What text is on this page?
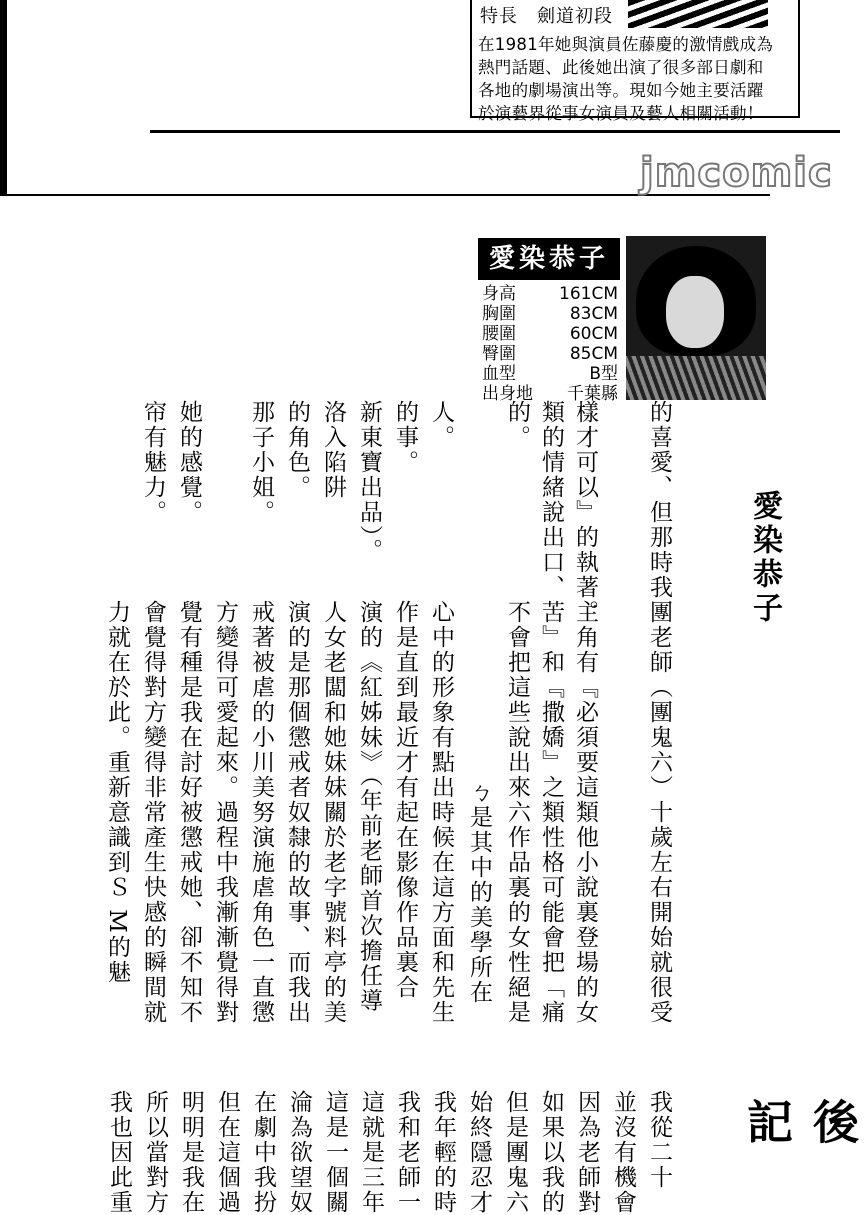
特長　劍道初段
在1981年她與演員佐藤慶的激情戲成為
熱門話題、此後她出演了很多部日劇和
各地的劇場演出等。現如今她主要活躍
於演藝界從事女演員及藝人相關活動！
jmcomic
愛染恭子
身高	161CM
胸圍	83CM
腰圍	60CM
臀圍	85CM
血型	B型
出身地 千葉縣
愛染恭子
的喜愛、但那時我
樣才可以』的執著。
類的情緒說出口、
的。
人。
的事。
新東寶出品）。
洛入陷阱
的角色。
那子小姐。
她的感覺。
帘有魅力。
團老師（團鬼六）十歲左右開始就很受
主角有『必須要這類他小說裏登場的女
苦』和『撒嬌』之類性格可能會把「痛
不會把這些說出來六作品裏的女性絕是
ㄅ是其中的美學所在
心中的形象有點出時候在這方面和先生
作是直到最近才有起在影像作品裏合
演的《紅姊妹》（年前老師首次擔任導
人女老闆和她妹妹關於老字號料亭的美
演的是那個懲戒者奴隸的故事、而我出
戒著被虐的小川美努演施虐角色一直懲
方變得可愛起來。過程中我漸漸覺得對
覺有種是我在討好被懲戒她、卻不知不
會覺得對方變得非常產生快感的瞬間就
力就在於此。重新意識到Ｓ М的魅
後記
我從二十
並沒有機會
因為老師對
如果以我的
但是團鬼六
始終隱忍才
我年輕的時
我和老師一
這就是三年
這是一個關
淪為欲望奴
在劇中我扮
但在這個過
明明是我在
所以當對方
我也因此重
